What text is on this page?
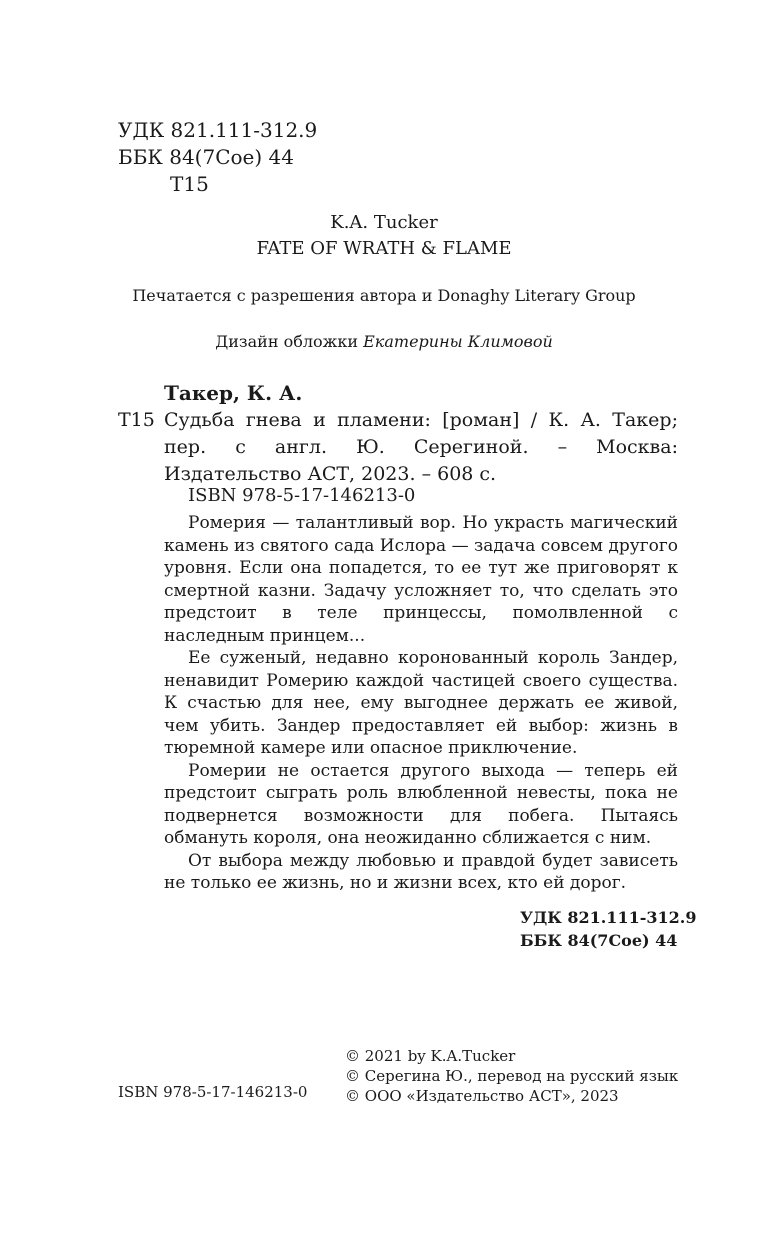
УДК 821.111-312.9
ББК 84(7Сое) 44
Т15
K.A. Tucker
FATE OF WRATH & FLAME
Печатается с разрешения автора и Donaghy Literary Group
Дизайн обложки Екатерины Климовой
Такер, К. А.
Т15 Судьба гнева и пламени: [роман] / К. А. Такер; пер. с англ. Ю. Серегиной. – Москва: Издательство АСТ, 2023. – 608 с.
ISBN 978-5-17-146213-0

Ромерия — талантливый вор. Но украсть магический камень из святого сада Ислора — задача совсем другого уровня. Если она попадется, то ее тут же приговорят к смертной казни. Задачу усложняет то, что сделать это предстоит в теле принцессы, помолвленной с наследным принцем...

Ее суженый, недавно коронованный король Зандер, ненавидит Ромерию каждой частицей своего существа. К счастью для нее, ему выгоднее держать ее живой, чем убить. Зандер предоставляет ей выбор: жизнь в тюремной камере или опасное приключение.

Ромерии не остается другого выхода — теперь ей предстоит сыграть роль влюбленной невесты, пока не подвернется возможности для побега. Пытаясь обмануть короля, она неожиданно сближается с ним.

От выбора между любовью и правдой будет зависеть не только ее жизнь, но и жизни всех, кто ей дорог.

УДК 821.111-312.9
ББК 84(7Сое) 44
ISBN 978-5-17-146213-0
© 2021 by K.A.Tucker
© Серегина Ю., перевод на русский язык
© ООО «Издательство АСТ», 2023
